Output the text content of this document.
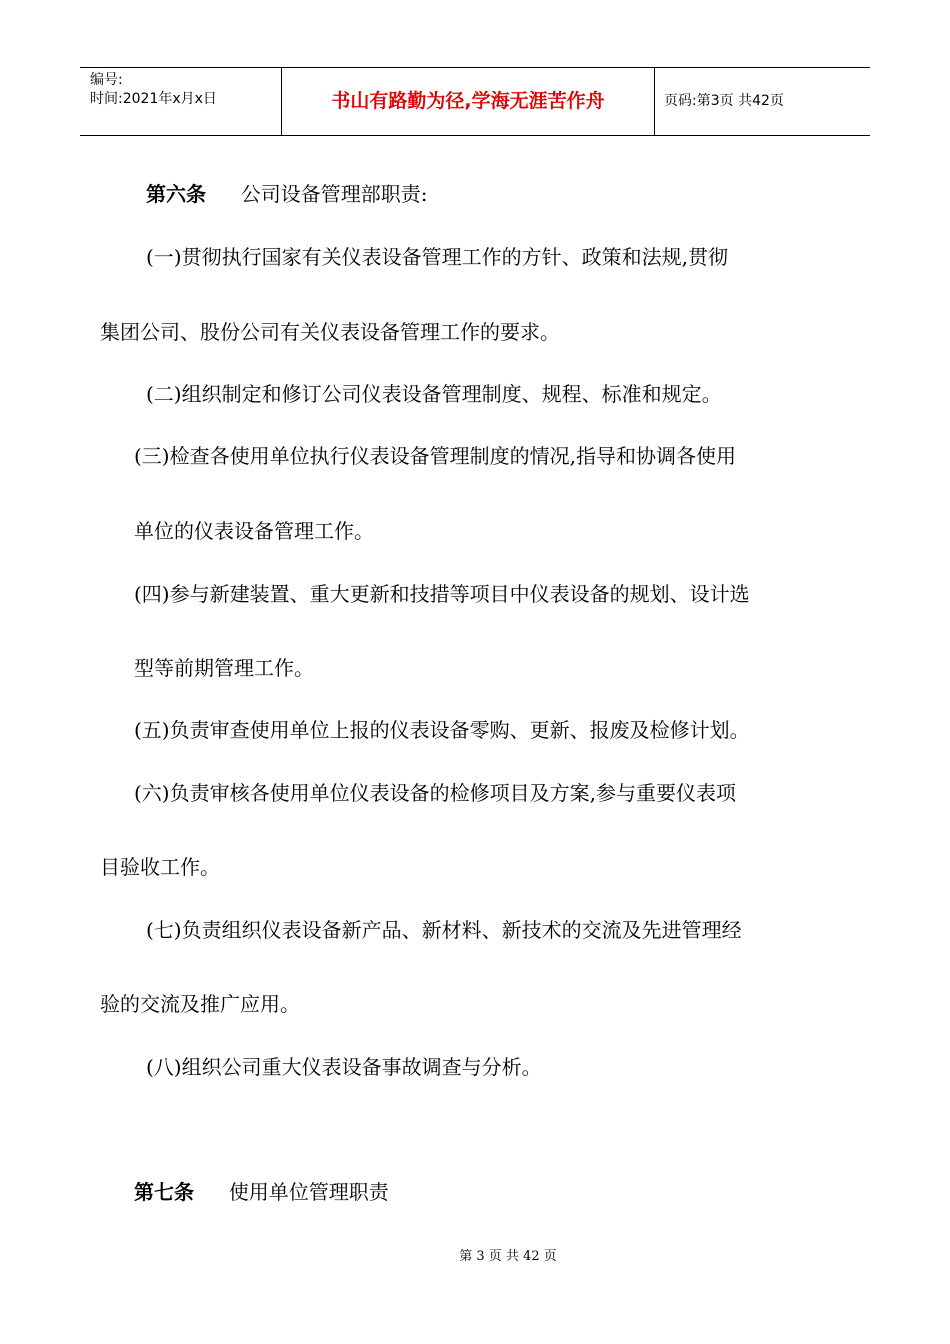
编号:
时间:2021年x月x日	书山有路勤为径,学海无涯苦作舟	页码:第3页 共42页
第六条 公司设备管理部职责:
(一)贯彻执行国家有关仪表设备管理工作的方针、政策和法规,贯彻
集团公司、股份公司有关仪表设备管理工作的要求。
(二)组织制定和修订公司仪表设备管理制度、规程、标准和规定。
(三)检查各使用单位执行仪表设备管理制度的情况,指导和协调各使用
单位的仪表设备管理工作。
(四)参与新建装置、重大更新和技措等项目中仪表设备的规划、设计选
型等前期管理工作。
(五)负责审查使用单位上报的仪表设备零购、更新、报废及检修计划。
(六)负责审核各使用单位仪表设备的检修项目及方案,参与重要仪表项
目验收工作。
(七)负责组织仪表设备新产品、新材料、新技术的交流及先进管理经
验的交流及推广应用。
(八)组织公司重大仪表设备事故调查与分析。
第七条 使用单位管理职责
第 3 页 共 42 页
